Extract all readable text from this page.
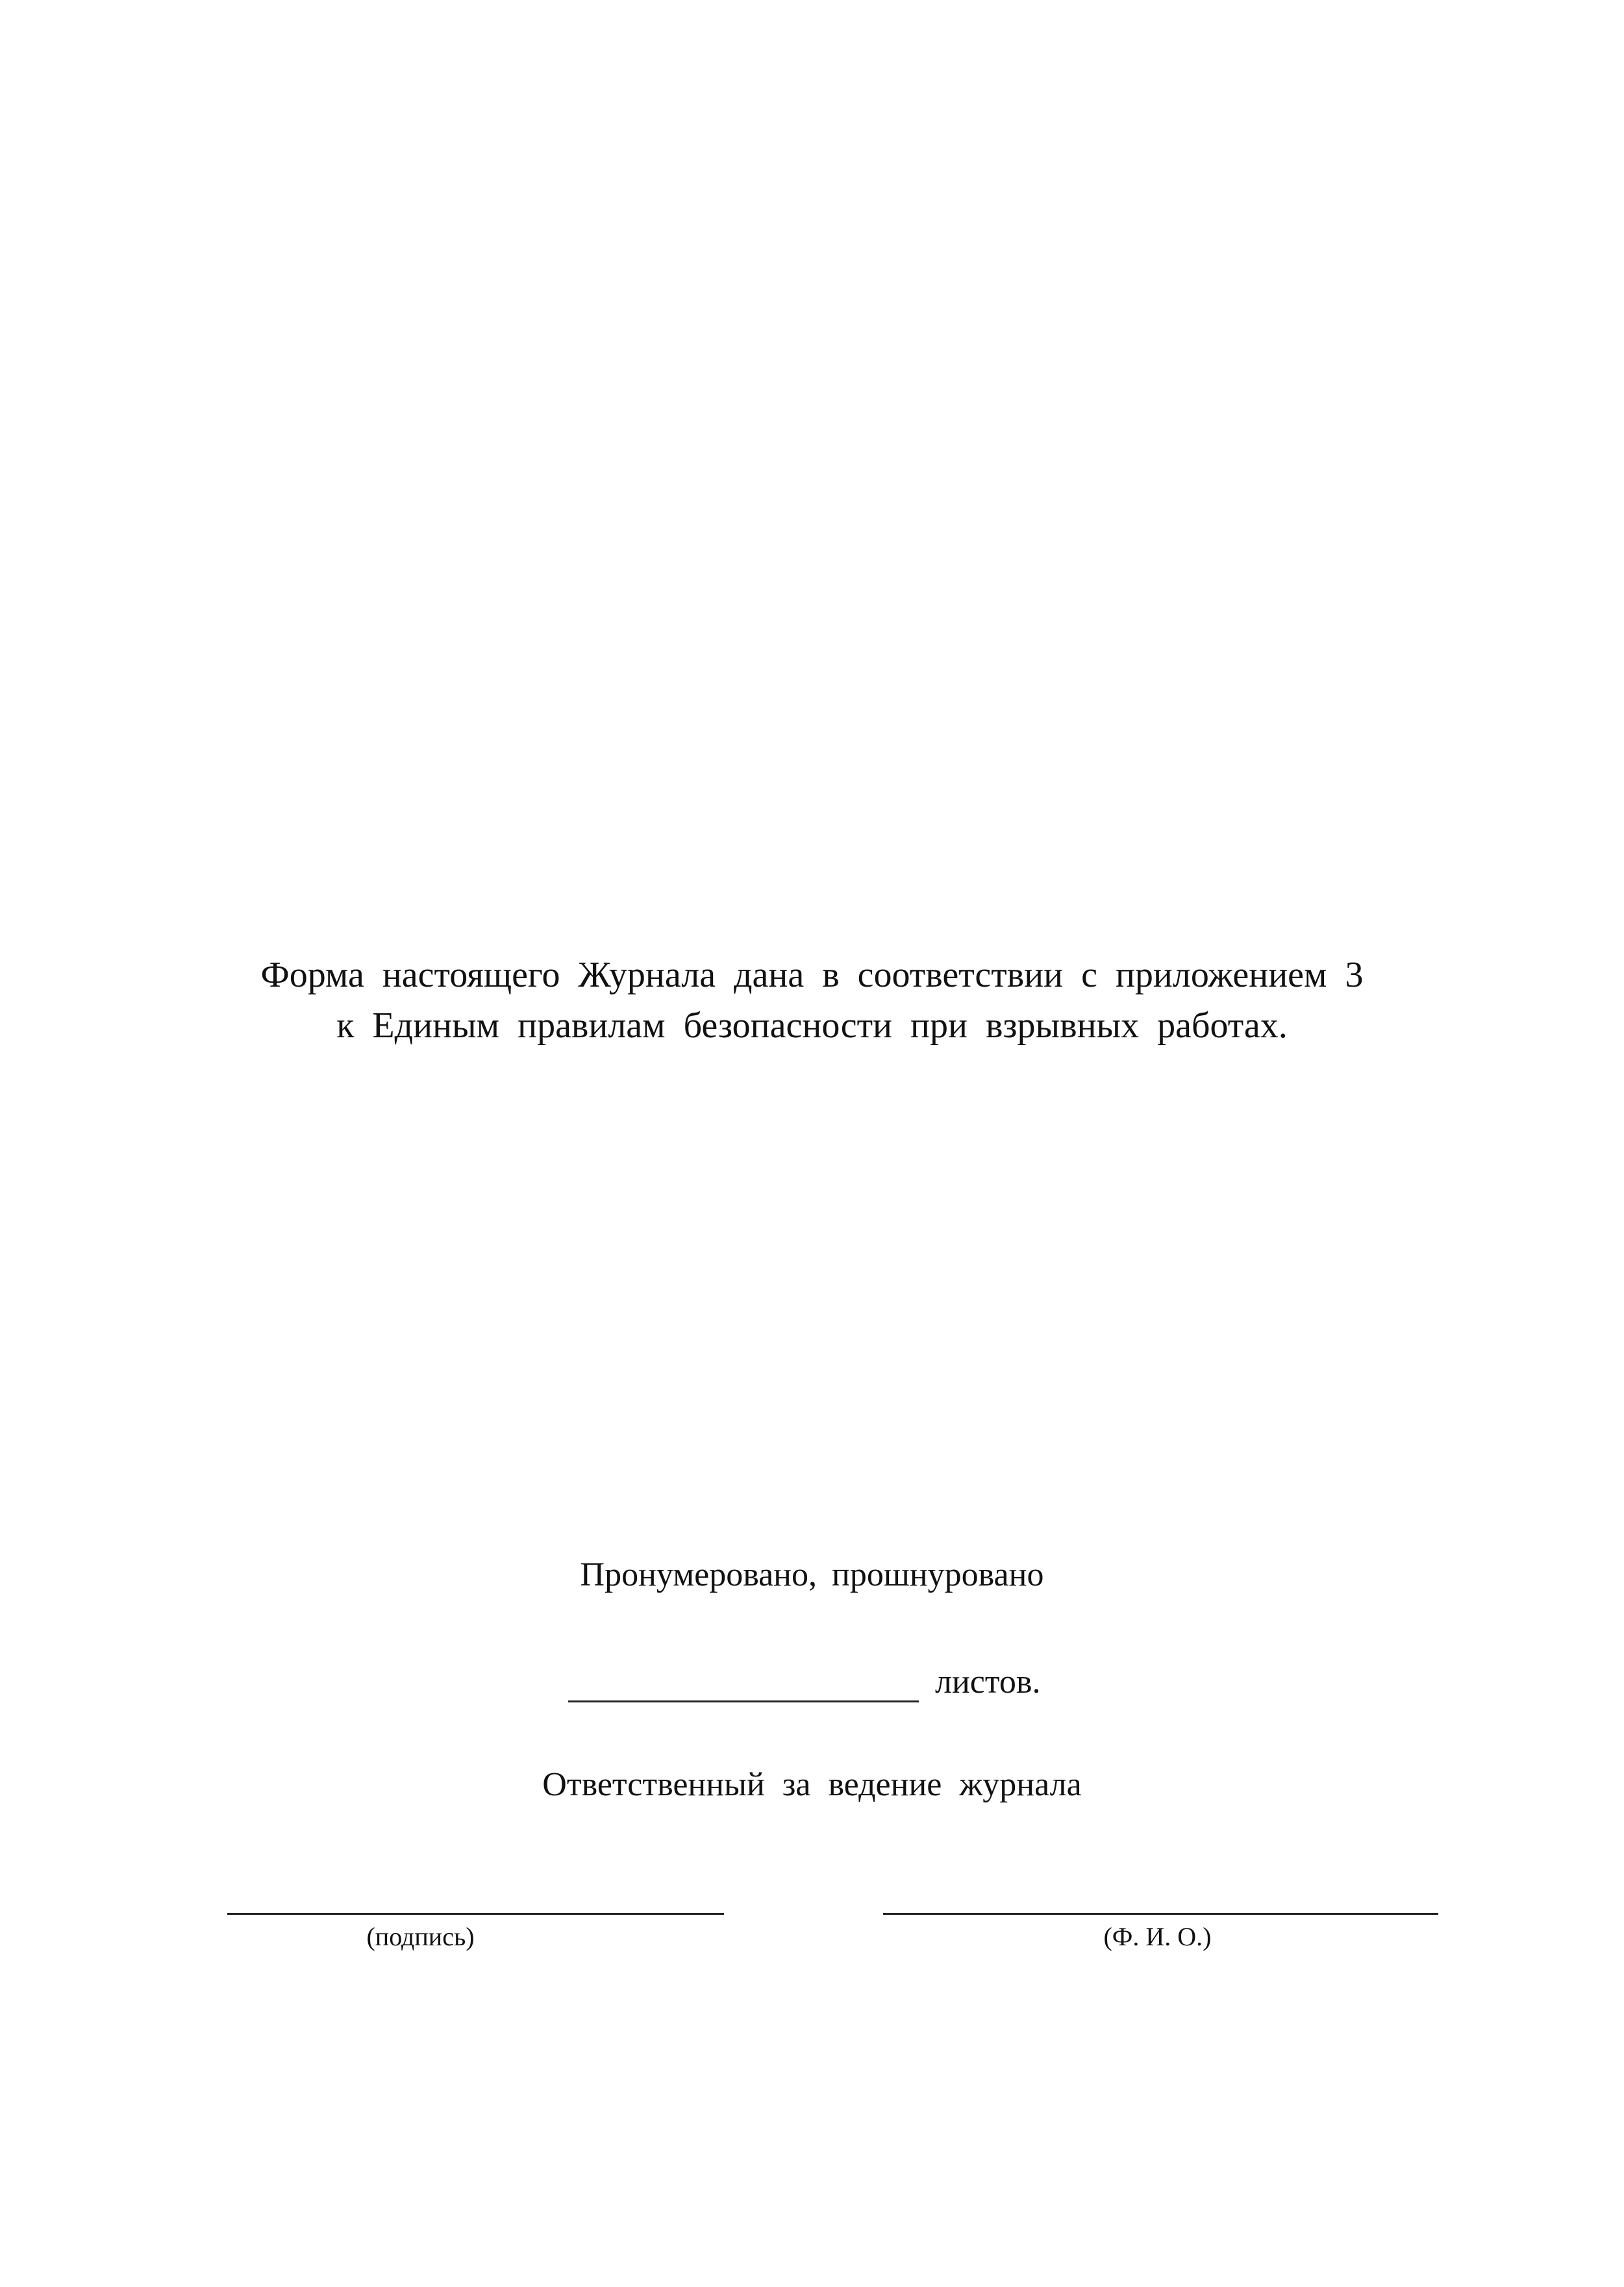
Форма настоящего Журнала дана в соответствии с приложением 3
к Единым правилам безопасности при взрывных работах.
Пронумеровано, прошнуровано
листов.
Ответственный за ведение журнала
(подпись)	(Ф. И. О.)
